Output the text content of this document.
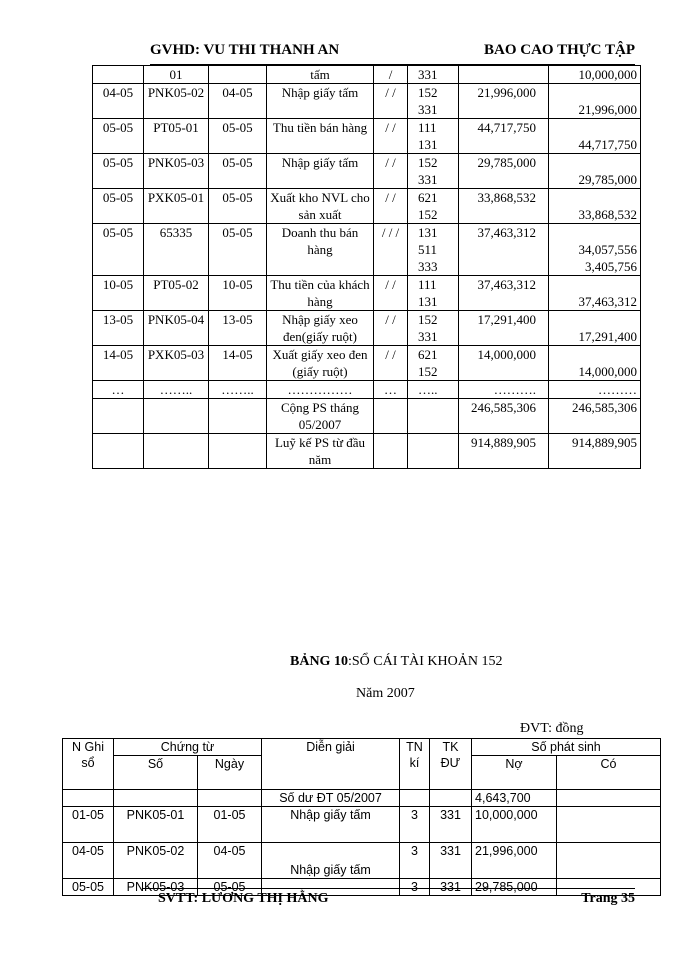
GVHD: VU THI THANH AN	BAO CAO THỰC TẬP
	01		tấm	/	331		10,000,000
04-05	PNK05-02	04-05	Nhập giấy tấm	/ /	152 331	21,996,000	21,996,000
05-05	PT05-01	05-05	Thu tiền bán hàng	/ /	111 131	44,717,750	44,717,750
05-05	PNK05-03	05-05	Nhập giấy tấm	/ /	152 331	29,785,000	29,785,000
05-05	PXK05-01	05-05	Xuất kho NVL cho sản xuất	/ /	621 152	33,868,532	33,868,532
05-05	65335	05-05	Doanh thu bán hàng	/ / /	131 511 333	37,463,312	34,057,556 3,405,756
10-05	PT05-02	10-05	Thu tiền của khách hàng	/ /	111 131	37,463,312	37,463,312
13-05	PNK05-04	13-05	Nhập giấy xeo đen(giấy ruột)	/ /	152 331	17,291,400	17,291,400
14-05	PXK05-03	14-05	Xuất giấy xeo đen (giấy ruột)	/ /	621 152	14,000,000	14,000,000
…	……..	……..	……………	…	…..	……….	………
			Cộng PS tháng 05/2007			246,585,306	246,585,306
			Luỹ kế PS từ đầu năm			914,889,905	914,889,905
BẢNG 10:SỔ CÁI TÀI KHOẢN 152
Năm 2007
ĐVT: đồng
N Ghi sổ	Chứng từ		Diễn giải	TN kí	TK ĐƯ	Số phát sinh	
	Số	Ngày				Nợ	Có
			Số dư ĐT 05/2007			4,643,700	
01-05	PNK05-01	01-05	Nhập giấy tấm	3	331	10,000,000	
04-05	PNK05-02	04-05	Nhập giấy tấm	3	331	21,996,000	
05-05	PNK05-03	05-05		3	331	29,785,000	
SVTT: LƯƠNG THỊ HẰNG	Trang 35
